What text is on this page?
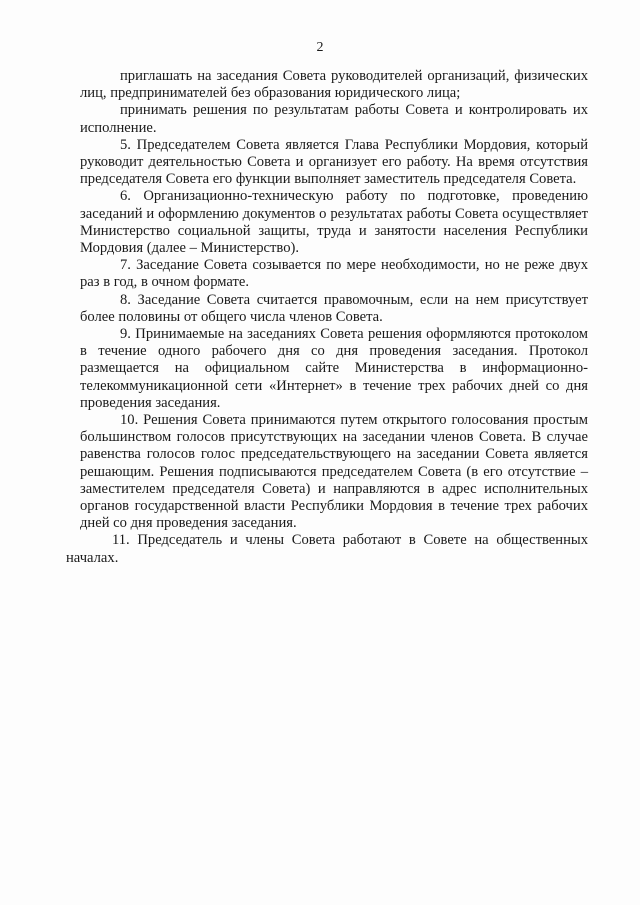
2

приглашать на заседания Совета руководителей организаций, физических лиц, предпринимателей без образования юридического лица;

принимать решения по результатам работы Совета и контролировать их исполнение.

5. Председателем Совета является Глава Республики Мордовия, который руководит деятельностью Совета и организует его работу. На время отсутствия председателя Совета его функции выполняет заместитель председателя Совета.

6. Организационно-техническую работу по подготовке, проведению заседаний и оформлению документов о результатах работы Совета осуществляет Министерство социальной защиты, труда и занятости населения Республики Мордовия (далее – Министерство).

7. Заседание Совета созывается по мере необходимости, но не реже двух раз в год, в очном формате.

8. Заседание Совета считается правомочным, если на нем присутствует более половины от общего числа членов Совета.

9. Принимаемые на заседаниях Совета решения оформляются протоколом в течение одного рабочего дня со дня проведения заседания. Протокол размещается на официальном сайте Министерства в информационно-телекоммуникационной сети «Интернет» в течение трех рабочих дней со дня проведения заседания.

10. Решения Совета принимаются путем открытого голосования простым большинством голосов присутствующих на заседании членов Совета. В случае равенства голосов голос председательствующего на заседании Совета является решающим. Решения подписываются председателем Совета (в его отсутствие – заместителем председателя Совета) и направляются в адрес исполнительных органов государственной власти Республики Мордовия в течение трех рабочих дней со дня проведения заседания.

11. Председатель и члены Совета работают в Совете на общественных началах.
